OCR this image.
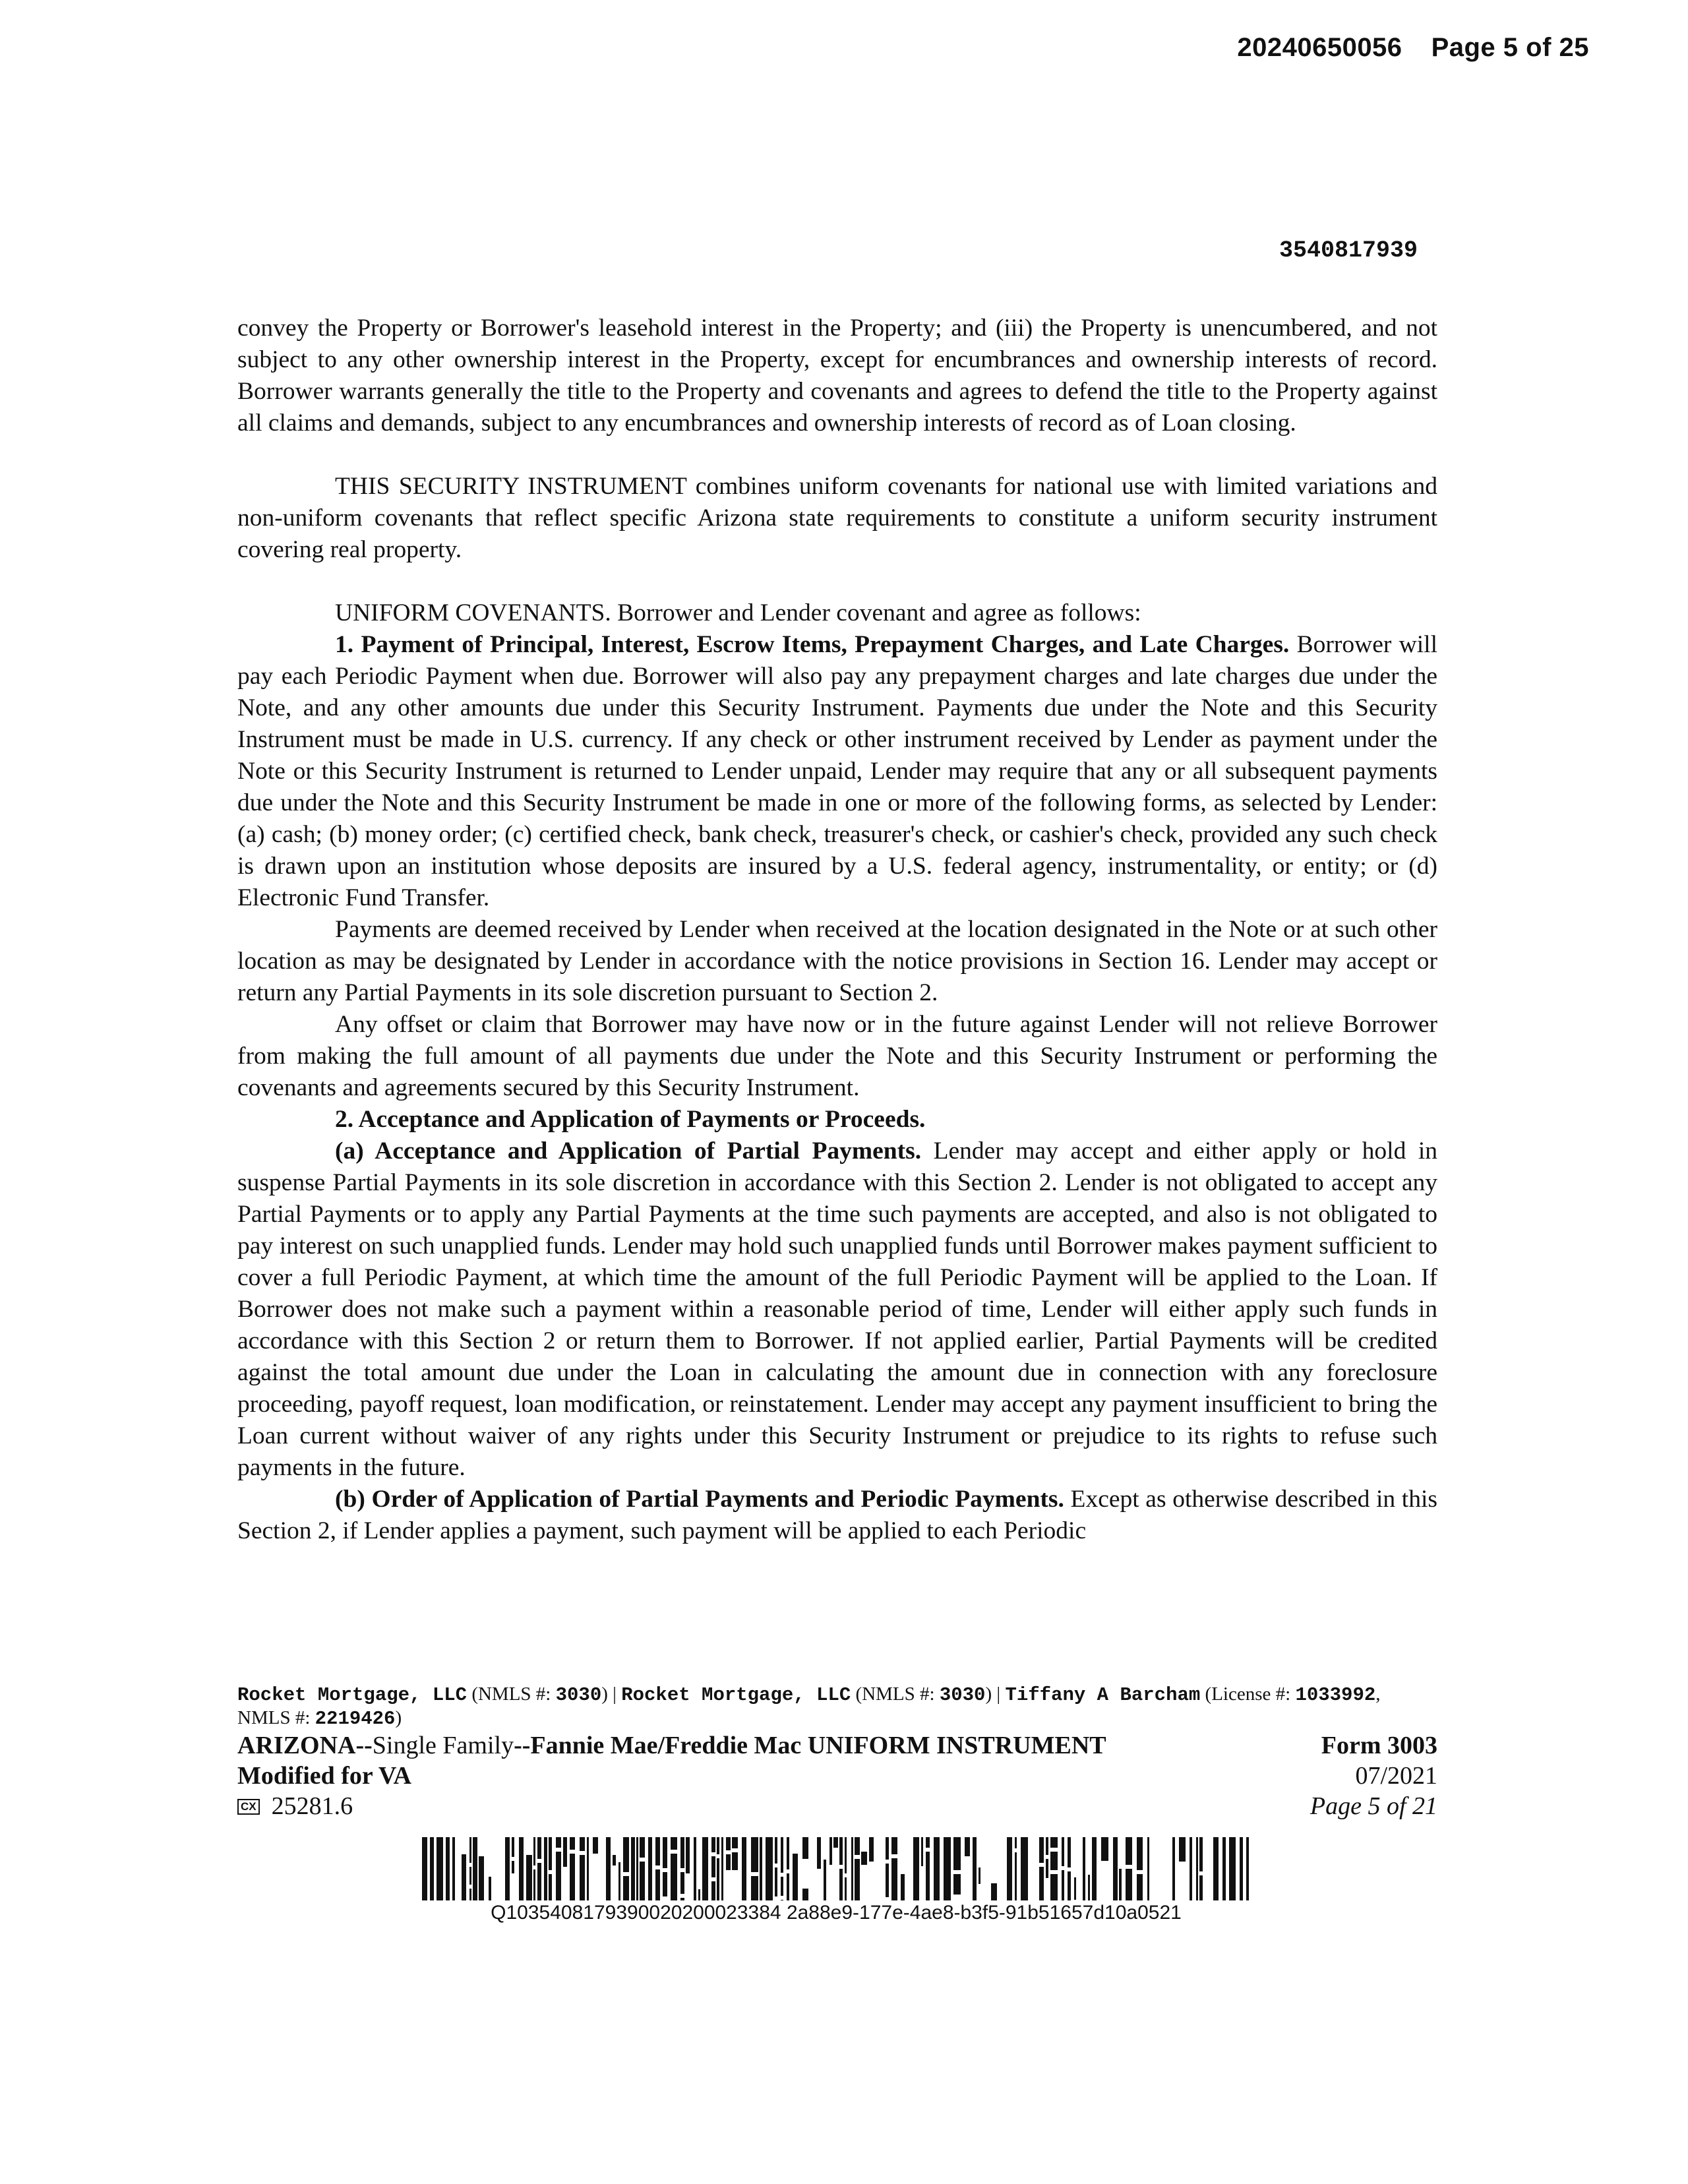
20240650056 Page 5 of 25
3540817939

convey the Property or Borrower's leasehold interest in the Property; and (iii) the Property is unencumbered, and not subject to any other ownership interest in the Property, except for encumbrances and ownership interests of record. Borrower warrants generally the title to the Property and covenants and agrees to defend the title to the Property against all claims and demands, subject to any encumbrances and ownership interests of record as of Loan closing.

THIS SECURITY INSTRUMENT combines uniform covenants for national use with limited variations and non-uniform covenants that reflect specific Arizona state requirements to constitute a uniform security instrument covering real property.

UNIFORM COVENANTS. Borrower and Lender covenant and agree as follows:

1. Payment of Principal, Interest, Escrow Items, Prepayment Charges, and Late Charges. Borrower will pay each Periodic Payment when due. Borrower will also pay any prepayment charges and late charges due under the Note, and any other amounts due under this Security Instrument. Payments due under the Note and this Security Instrument must be made in U.S. currency. If any check or other instrument received by Lender as payment under the Note or this Security Instrument is returned to Lender unpaid, Lender may require that any or all subsequent payments due under the Note and this Security Instrument be made in one or more of the following forms, as selected by Lender: (a) cash; (b) money order; (c) certified check, bank check, treasurer's check, or cashier's check, provided any such check is drawn upon an institution whose deposits are insured by a U.S. federal agency, instrumentality, or entity; or (d) Electronic Fund Transfer.

Payments are deemed received by Lender when received at the location designated in the Note or at such other location as may be designated by Lender in accordance with the notice provisions in Section 16. Lender may accept or return any Partial Payments in its sole discretion pursuant to Section 2.

Any offset or claim that Borrower may have now or in the future against Lender will not relieve Borrower from making the full amount of all payments due under the Note and this Security Instrument or performing the covenants and agreements secured by this Security Instrument.

2. Acceptance and Application of Payments or Proceeds.

(a) Acceptance and Application of Partial Payments. Lender may accept and either apply or hold in suspense Partial Payments in its sole discretion in accordance with this Section 2. Lender is not obligated to accept any Partial Payments or to apply any Partial Payments at the time such payments are accepted, and also is not obligated to pay interest on such unapplied funds. Lender may hold such unapplied funds until Borrower makes payment sufficient to cover a full Periodic Payment, at which time the amount of the full Periodic Payment will be applied to the Loan. If Borrower does not make such a payment within a reasonable period of time, Lender will either apply such funds in accordance with this Section 2 or return them to Borrower. If not applied earlier, Partial Payments will be credited against the total amount due under the Loan in calculating the amount due in connection with any foreclosure proceeding, payoff request, loan modification, or reinstatement. Lender may accept any payment insufficient to bring the Loan current without waiver of any rights under this Security Instrument or prejudice to its rights to refuse such payments in the future.

(b) Order of Application of Partial Payments and Periodic Payments. Except as otherwise described in this Section 2, if Lender applies a payment, such payment will be applied to each Periodic

Rocket Mortgage, LLC (NMLS #: 3030) | Rocket Mortgage, LLC (NMLS #: 3030) | Tiffany A Barcham (License #: 1033992, NMLS #: 2219426)
ARIZONA--Single Family--Fannie Mae/Freddie Mac UNIFORM INSTRUMENT	Form 3003
Modified for VA	07/2021
CX 25281.6	Page 5 of 21
Q1035408179390020200023384 2a88e9-177e-4ae8-b3f5-91b51657d10a0521
